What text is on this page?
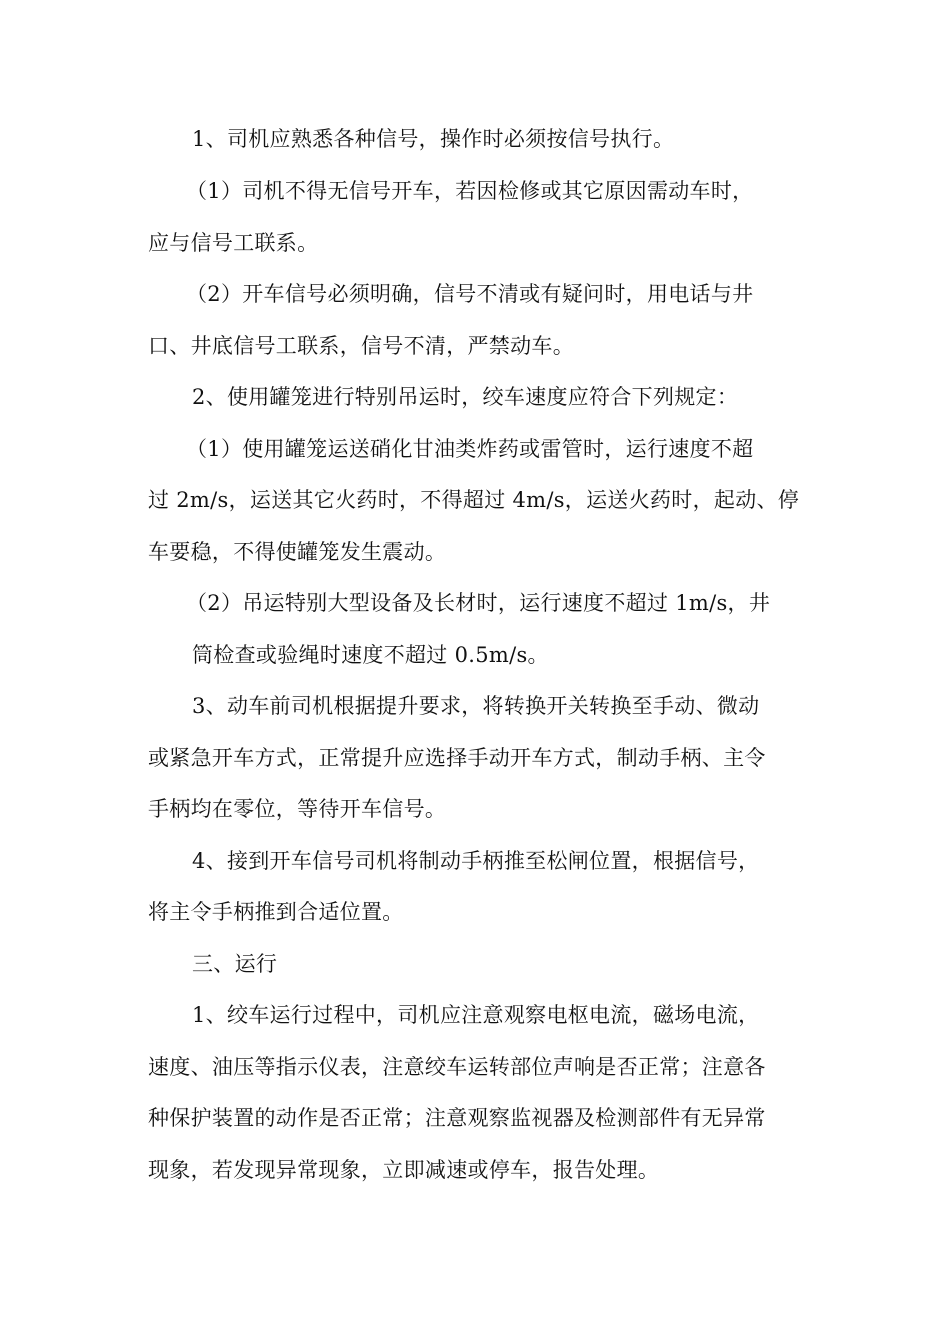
1、司机应熟悉各种信号，操作时必须按信号执行。
（1）司机不得无信号开车，若因检修或其它原因需动车时，
应与信号工联系。
（2）开车信号必须明确，信号不清或有疑问时，用电话与井
口、井底信号工联系，信号不清，严禁动车。
2、使用罐笼进行特别吊运时，绞车速度应符合下列规定：
（1）使用罐笼运送硝化甘油类炸药或雷管时，运行速度不超
过 2m/s，运送其它火药时，不得超过 4m/s，运送火药时，起动、停
车要稳，不得使罐笼发生震动。
（2）吊运特别大型设备及长材时，运行速度不超过 1m/s，井
筒检查或验绳时速度不超过 0.5m/s。
3、动车前司机根据提升要求，将转换开关转换至手动、微动
或紧急开车方式，正常提升应选择手动开车方式，制动手柄、主令
手柄均在零位，等待开车信号。
4、接到开车信号司机将制动手柄推至松闸位置，根据信号，
将主令手柄推到合适位置。
三、运行
1、绞车运行过程中，司机应注意观察电枢电流，磁场电流，
速度、油压等指示仪表，注意绞车运转部位声响是否正常；注意各
种保护装置的动作是否正常；注意观察监视器及检测部件有无异常
现象，若发现异常现象，立即减速或停车，报告处理。
